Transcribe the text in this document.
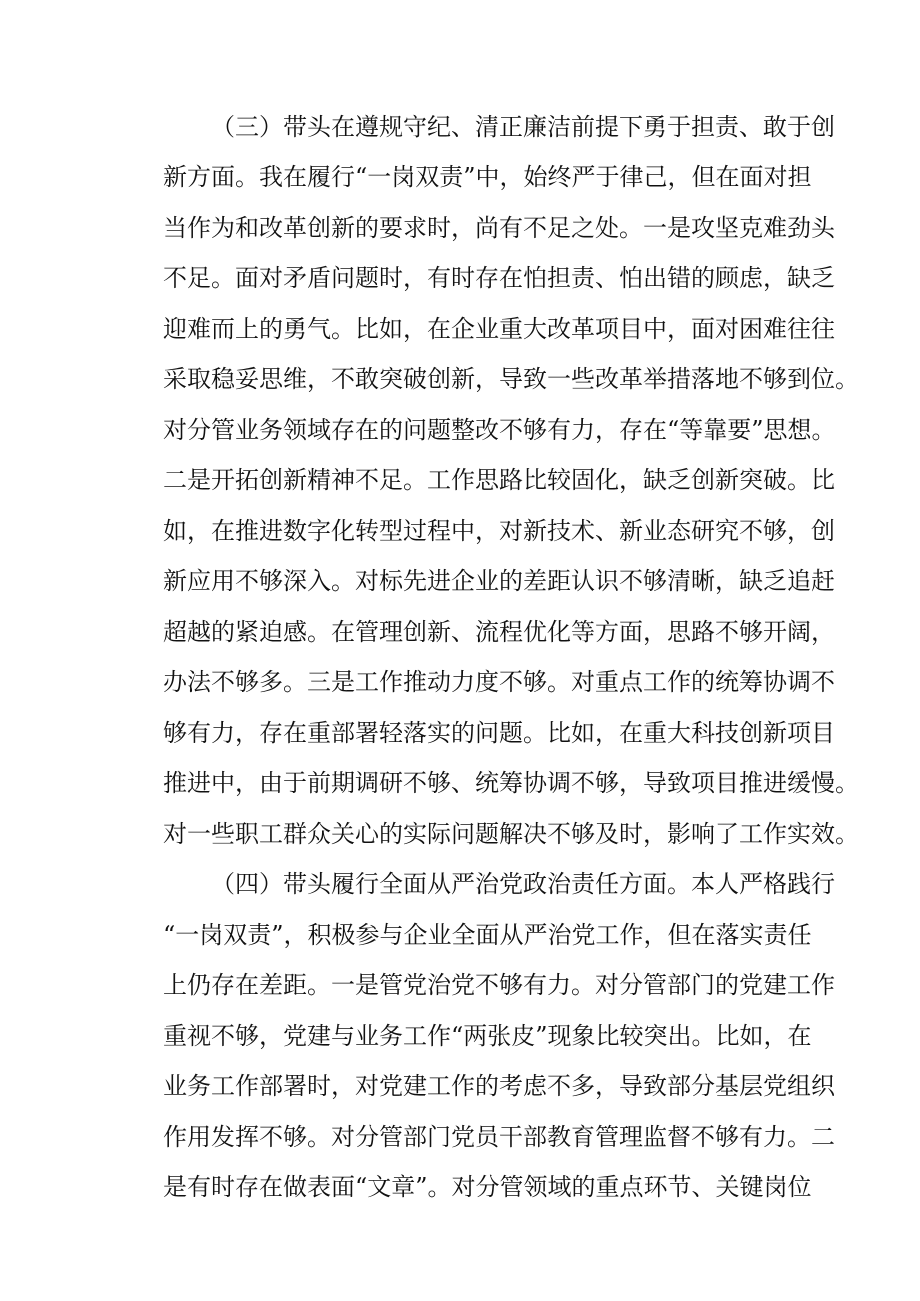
（三）带头在遵规守纪、清正廉洁前提下勇于担责、敢于创
新方面。我在履行“一岗双责”中，始终严于律己，但在面对担
当作为和改革创新的要求时，尚有不足之处。一是攻坚克难劲头
不足。面对矛盾问题时，有时存在怕担责、怕出错的顾虑，缺乏
迎难而上的勇气。比如，在企业重大改革项目中，面对困难往往
采取稳妥思维，不敢突破创新，导致一些改革举措落地不够到位。
对分管业务领域存在的问题整改不够有力，存在“等靠要”思想。
二是开拓创新精神不足。工作思路比较固化，缺乏创新突破。比
如，在推进数字化转型过程中，对新技术、新业态研究不够，创
新应用不够深入。对标先进企业的差距认识不够清晰，缺乏追赶
超越的紧迫感。在管理创新、流程优化等方面，思路不够开阔，
办法不够多。三是工作推动力度不够。对重点工作的统筹协调不
够有力，存在重部署轻落实的问题。比如，在重大科技创新项目
推进中，由于前期调研不够、统筹协调不够，导致项目推进缓慢。
对一些职工群众关心的实际问题解决不够及时，影响了工作实效。
（四）带头履行全面从严治党政治责任方面。本人严格践行
“一岗双责”，积极参与企业全面从严治党工作，但在落实责任
上仍存在差距。一是管党治党不够有力。对分管部门的党建工作
重视不够，党建与业务工作“两张皮”现象比较突出。比如，在
业务工作部署时，对党建工作的考虑不多，导致部分基层党组织
作用发挥不够。对分管部门党员干部教育管理监督不够有力。二
是有时存在做表面“文章”。对分管领域的重点环节、关键岗位
